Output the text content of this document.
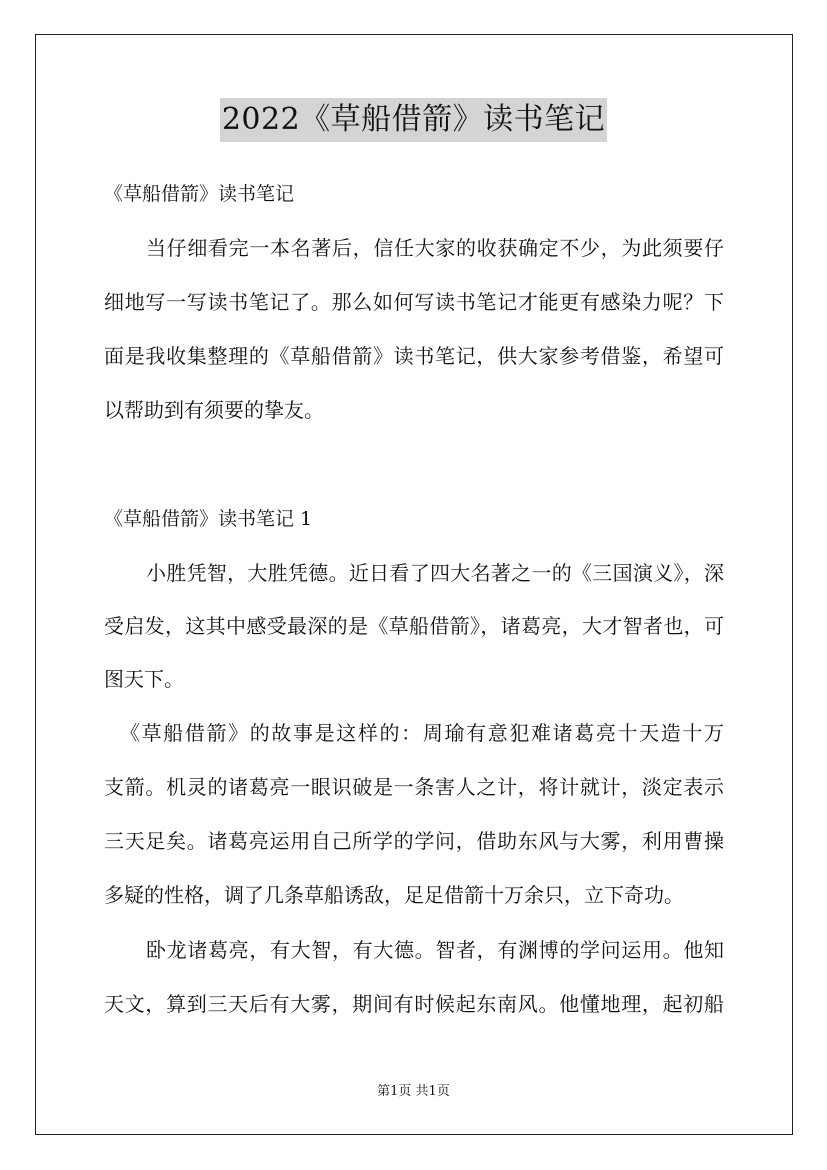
2022《草船借箭》读书笔记
《草船借箭》读书笔记
当仔细看完一本名著后，信任大家的收获确定不少，为此须要仔
细地写一写读书笔记了。那么如何写读书笔记才能更有感染力呢？下
面是我收集整理的《草船借箭》读书笔记，供大家参考借鉴，希望可
以帮助到有须要的挚友。
《草船借箭》读书笔记 1
小胜凭智，大胜凭德。近日看了四大名著之一的《三国演义》，深
受启发，这其中感受最深的是《草船借箭》，诸葛亮，大才智者也，可
图天下。
《草船借箭》的故事是这样的：周瑜有意犯难诸葛亮十天造十万
支箭。机灵的诸葛亮一眼识破是一条害人之计，将计就计，淡定表示
三天足矣。诸葛亮运用自己所学的学问，借助东风与大雾，利用曹操
多疑的性格，调了几条草船诱敌，足足借箭十万余只，立下奇功。
卧龙诸葛亮，有大智，有大德。智者，有渊博的学问运用。他知
天文，算到三天后有大雾，期间有时候起东南风。他懂地理，起初船
第1页 共1页
